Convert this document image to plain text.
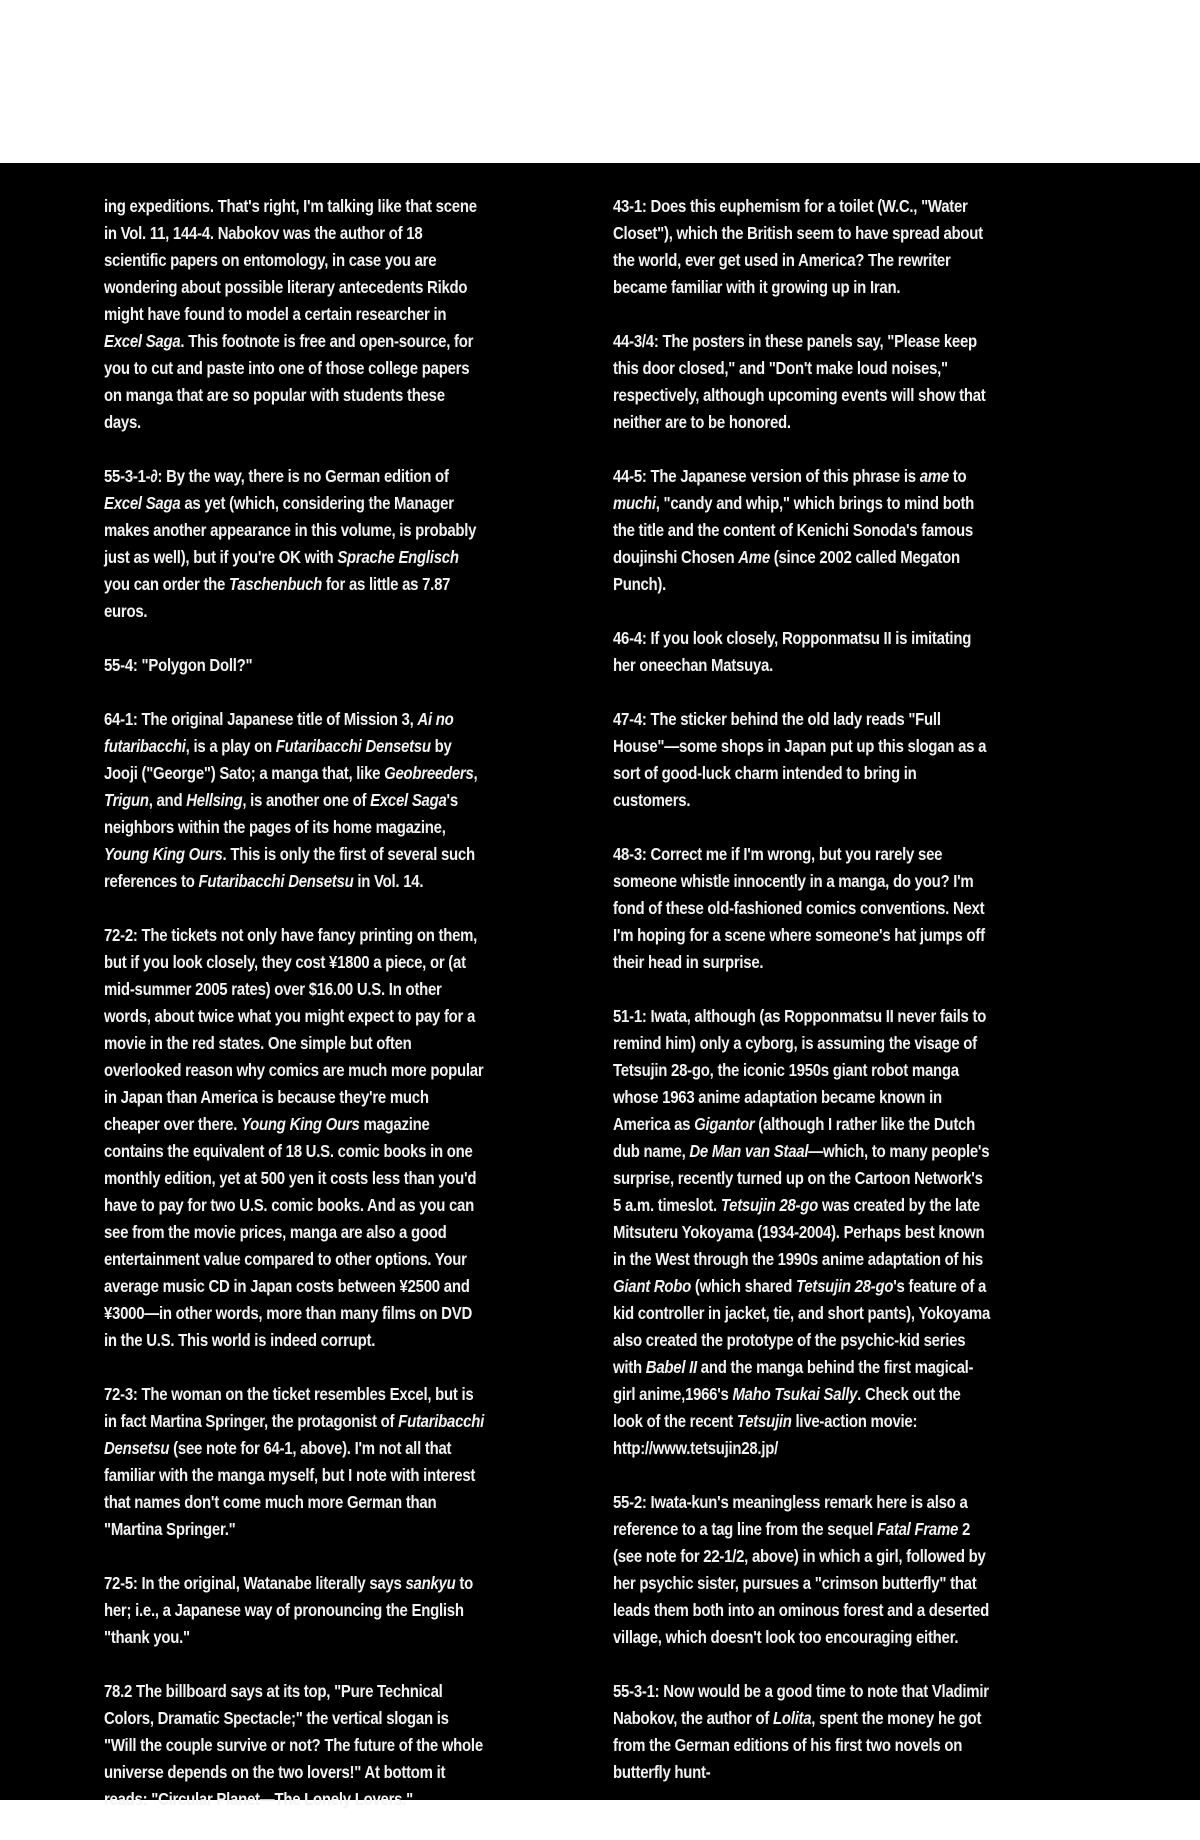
ing expeditions. That's right, I'm talking like that scene in Vol. 11, 144-4. Nabokov was the author of 18 scientific papers on entomology, in case you are wondering about possible literary antecedents Rikdo might have found to model a certain researcher in Excel Saga. This footnote is free and open-source, for you to cut and paste into one of those college papers on manga that are so popular with students these days.

55-3-1-∂: By the way, there is no German edition of Excel Saga as yet (which, considering the Manager makes another appearance in this volume, is probably just as well), but if you're OK with Sprache Englisch you can order the Taschenbuch for as little as 7.87 euros.

55-4: "Polygon Doll?"

64-1: The original Japanese title of Mission 3, Ai no futaribacchi, is a play on Futaribacchi Densetsu by Jooji ("George") Sato; a manga that, like Geobreeders, Trigun, and Hellsing, is another one of Excel Saga's neighbors within the pages of its home magazine, Young King Ours. This is only the first of several such references to Futaribacchi Densetsu in Vol. 14.

72-2: The tickets not only have fancy printing on them, but if you look closely, they cost ¥1800 a piece, or (at mid-summer 2005 rates) over $16.00 U.S. In other words, about twice what you might expect to pay for a movie in the red states. One simple but often overlooked reason why comics are much more popular in Japan than America is because they're much cheaper over there. Young King Ours magazine contains the equivalent of 18 U.S. comic books in one monthly edition, yet at 500 yen it costs less than you'd have to pay for two U.S. comic books. And as you can see from the movie prices, manga are also a good entertainment value compared to other options. Your average music CD in Japan costs between ¥2500 and ¥3000—in other words, more than many films on DVD in the U.S. This world is indeed corrupt.

72-3: The woman on the ticket resembles Excel, but is in fact Martina Springer, the protagonist of Futaribacchi Densetsu (see note for 64-1, above). I'm not all that familiar with the manga myself, but I note with interest that names don't come much more German than "Martina Springer."

72-5: In the original, Watanabe literally says sankyu to her; i.e., a Japanese way of pronouncing the English "thank you."

78.2 The billboard says at its top, "Pure Technical Colors, Dramatic Spectacle;" the vertical slogan is "Will the couple survive or not? The future of the whole universe depends on the two lovers!" At bottom it reads: "Circular Planet—The Lonely Lovers."

43-1: Does this euphemism for a toilet (W.C., "Water Closet"), which the British seem to have spread about the world, ever get used in America? The rewriter became familiar with it growing up in Iran.

44-3/4: The posters in these panels say, "Please keep this door closed," and "Don't make loud noises," respectively, although upcoming events will show that neither are to be honored.

44-5: The Japanese version of this phrase is ame to muchi, "candy and whip," which brings to mind both the title and the content of Kenichi Sonoda's famous doujinshi Chosen Ame (since 2002 called Megaton Punch).

46-4: If you look closely, Ropponmatsu II is imitating her oneechan Matsuya.

47-4: The sticker behind the old lady reads "Full House"—some shops in Japan put up this slogan as a sort of good-luck charm intended to bring in customers.

48-3: Correct me if I'm wrong, but you rarely see someone whistle innocently in a manga, do you? I'm fond of these old-fashioned comics conventions. Next I'm hoping for a scene where someone's hat jumps off their head in surprise.

51-1: Iwata, although (as Ropponmatsu II never fails to remind him) only a cyborg, is assuming the visage of Tetsujin 28-go, the iconic 1950s giant robot manga whose 1963 anime adaptation became known in America as Gigantor (although I rather like the Dutch dub name, De Man van Staal—which, to many people's surprise, recently turned up on the Cartoon Network's 5 a.m. timeslot. Tetsujin 28-go was created by the late Mitsuteru Yokoyama (1934-2004). Perhaps best known in the West through the 1990s anime adaptation of his Giant Robo (which shared Tetsujin 28-go's feature of a kid controller in jacket, tie, and short pants), Yokoyama also created the prototype of the psychic-kid series with Babel II and the manga behind the first magical-girl anime,1966's Maho Tsukai Sally. Check out the look of the recent Tetsujin live-action movie: http://www.tetsujin28.jp/

55-2: Iwata-kun's meaningless remark here is also a reference to a tag line from the sequel Fatal Frame 2 (see note for 22-1/2, above) in which a girl, followed by her psychic sister, pursues a "crimson butterfly" that leads them both into an ominous forest and a deserted village, which doesn't look too encouraging either.

55-3-1: Now would be a good time to note that Vladimir Nabokov, the author of Lolita, spent the money he got from the German editions of his first two novels on butterfly hunt-
